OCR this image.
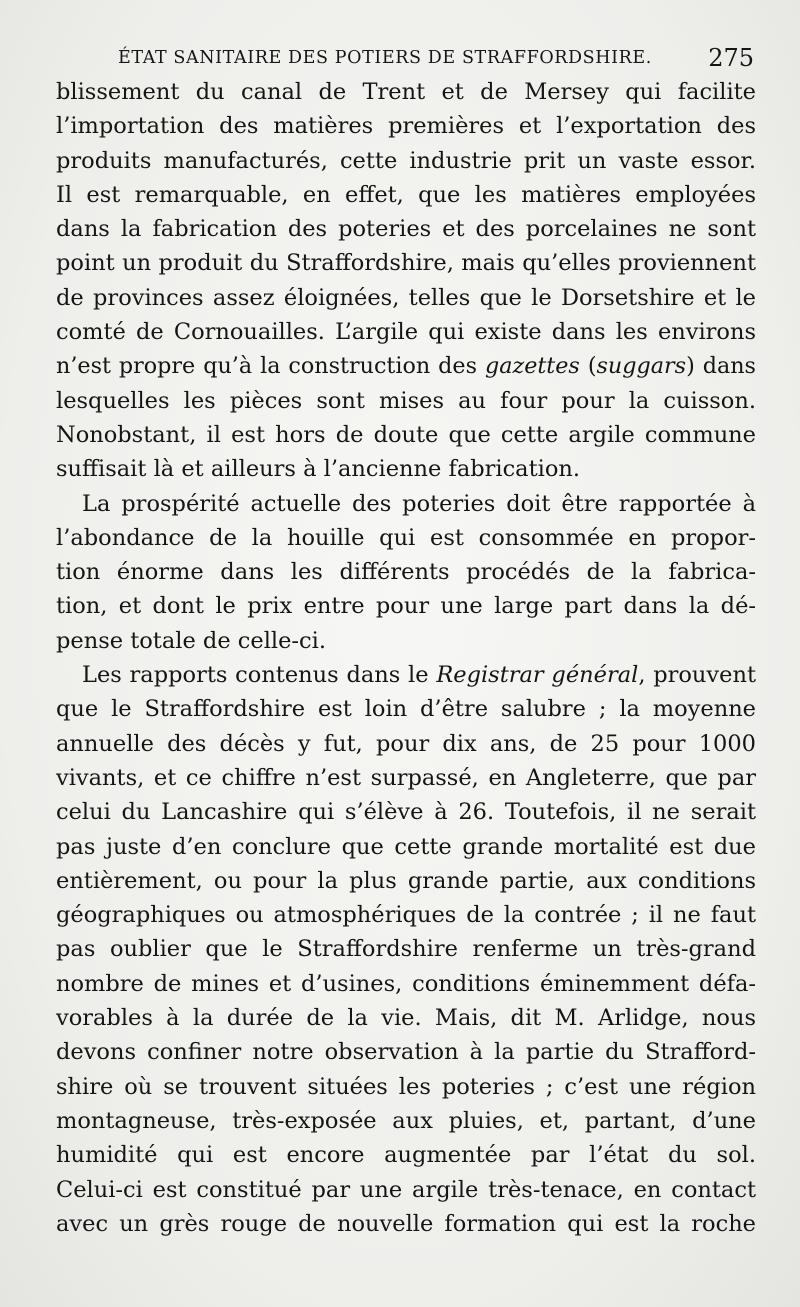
ÉTAT SANITAIRE DES POTIERS DE STRAFFORDSHIRE. 275
blissement du canal de Trent et de Mersey qui facilite
l’importation des matières premières et l’exportation des
produits manufacturés, cette industrie prit un vaste essor.
Il est remarquable, en effet, que les matières employées
dans la fabrication des poteries et des porcelaines ne sont
point un produit du Straffordshire, mais qu’elles proviennent
de provinces assez éloignées, telles que le Dorsetshire et le
comté de Cornouailles. L’argile qui existe dans les environs
n’est propre qu’à la construction des gazettes (suggars) dans
lesquelles les pièces sont mises au four pour la cuisson.
Nonobstant, il est hors de doute que cette argile commune
suffisait là et ailleurs à l’ancienne fabrication.
La prospérité actuelle des poteries doit être rapportée à
l’abondance de la houille qui est consommée en propor-
tion énorme dans les différents procédés de la fabrica-
tion, et dont le prix entre pour une large part dans la dé-
pense totale de celle-ci.
Les rapports contenus dans le Registrar général, prouvent
que le Straffordshire est loin d’être salubre ; la moyenne
annuelle des décès y fut, pour dix ans, de 25 pour 1000
vivants, et ce chiffre n’est surpassé, en Angleterre, que par
celui du Lancashire qui s’élève à 26. Toutefois, il ne serait
pas juste d’en conclure que cette grande mortalité est due
entièrement, ou pour la plus grande partie, aux conditions
géographiques ou atmosphériques de la contrée ; il ne faut
pas oublier que le Straffordshire renferme un très-grand
nombre de mines et d’usines, conditions éminemment défa-
vorables à la durée de la vie. Mais, dit M. Arlidge, nous
devons confiner notre observation à la partie du Strafford-
shire où se trouvent situées les poteries ; c’est une région
montagneuse, très-exposée aux pluies, et, partant, d’une
humidité qui est encore augmentée par l’état du sol.
Celui-ci est constitué par une argile très-tenace, en contact
avec un grès rouge de nouvelle formation qui est la roche
